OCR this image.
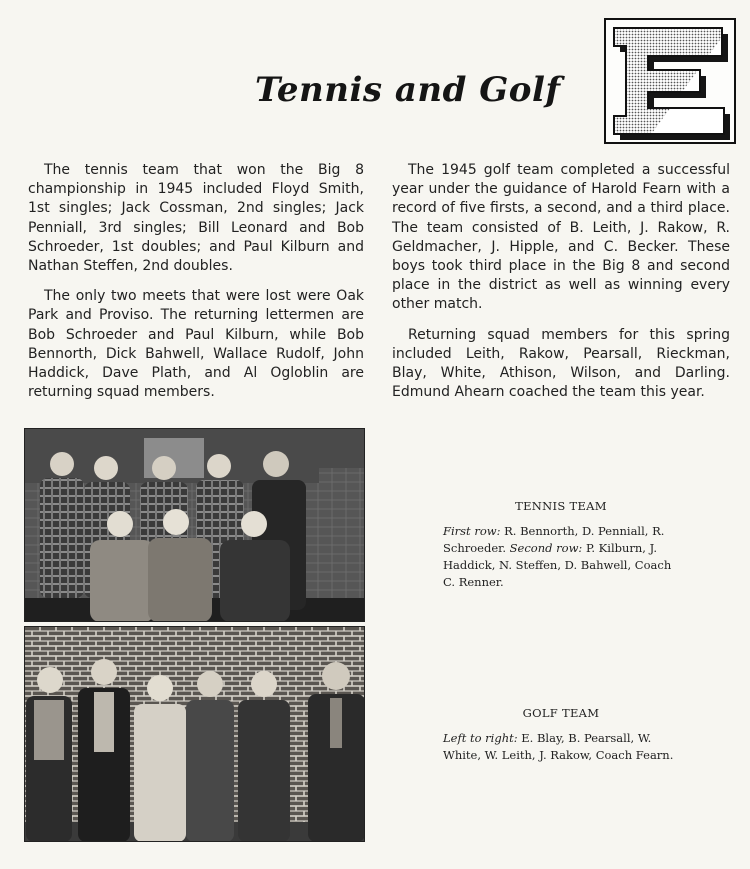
Tennis and Golf

The tennis team that won the Big 8 championship in 1945 included Floyd Smith, 1st singles; Jack Cossman, 2nd singles; Jack Penniall, 3rd singles; Bill Leonard and Bob Schroeder, 1st doubles; and Paul Kilburn and Nathan Steffen, 2nd doubles.

The only two meets that were lost were Oak Park and Proviso. The returning lettermen are Bob Schroeder and Paul Kilburn, while Bob Bennorth, Dick Bahwell, Wallace Rudolf, John Haddick, Dave Plath, and Al Ogloblin are returning squad members.

The 1945 golf team completed a successful year under the guidance of Harold Fearn with a record of five firsts, a second, and a third place. The team consisted of B. Leith, J. Rakow, R. Geldmacher, J. Hipple, and C. Becker. These boys took third place in the Big 8 and second place in the district as well as winning every other match.

Returning squad members for this spring included Leith, Rakow, Pearsall, Rieckman, Blay, White, Athison, Wilson, and Darling. Edmund Ahearn coached the team this year.

TENNIS TEAM
First row: R. Bennorth, D. Penniall, R. Schroeder. Second row: P. Kilburn, J. Haddick, N. Steffen, D. Bahwell, Coach C. Renner.
GOLF TEAM
Left to right: E. Blay, B. Pearsall, W. White, W. Leith, J. Rakow, Coach Fearn.
